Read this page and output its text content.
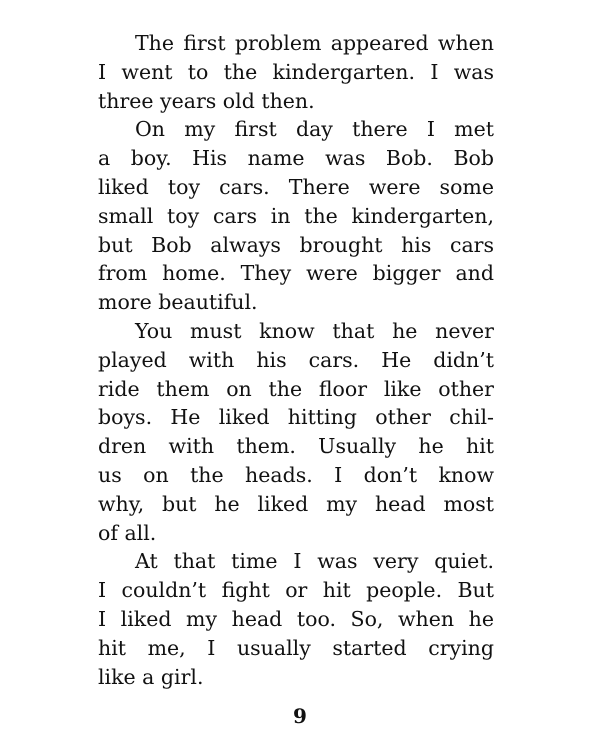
The first problem appeared when
I went to the kindergarten. I was
three years old then.
On my first day there I met
a boy. His name was Bob. Bob
liked toy cars. There were some
small toy cars in the kindergarten,
but Bob always brought his cars
from home. They were bigger and
more beautiful.
You must know that he never
played with his cars. He didn’t
ride them on the floor like other
boys. He liked hitting other chil-
dren with them. Usually he hit
us on the heads. I don’t know
why, but he liked my head most
of all.
At that time I was very quiet.
I couldn’t fight or hit people. But
I liked my head too. So, when he
hit me, I usually started crying
like a girl.
9
